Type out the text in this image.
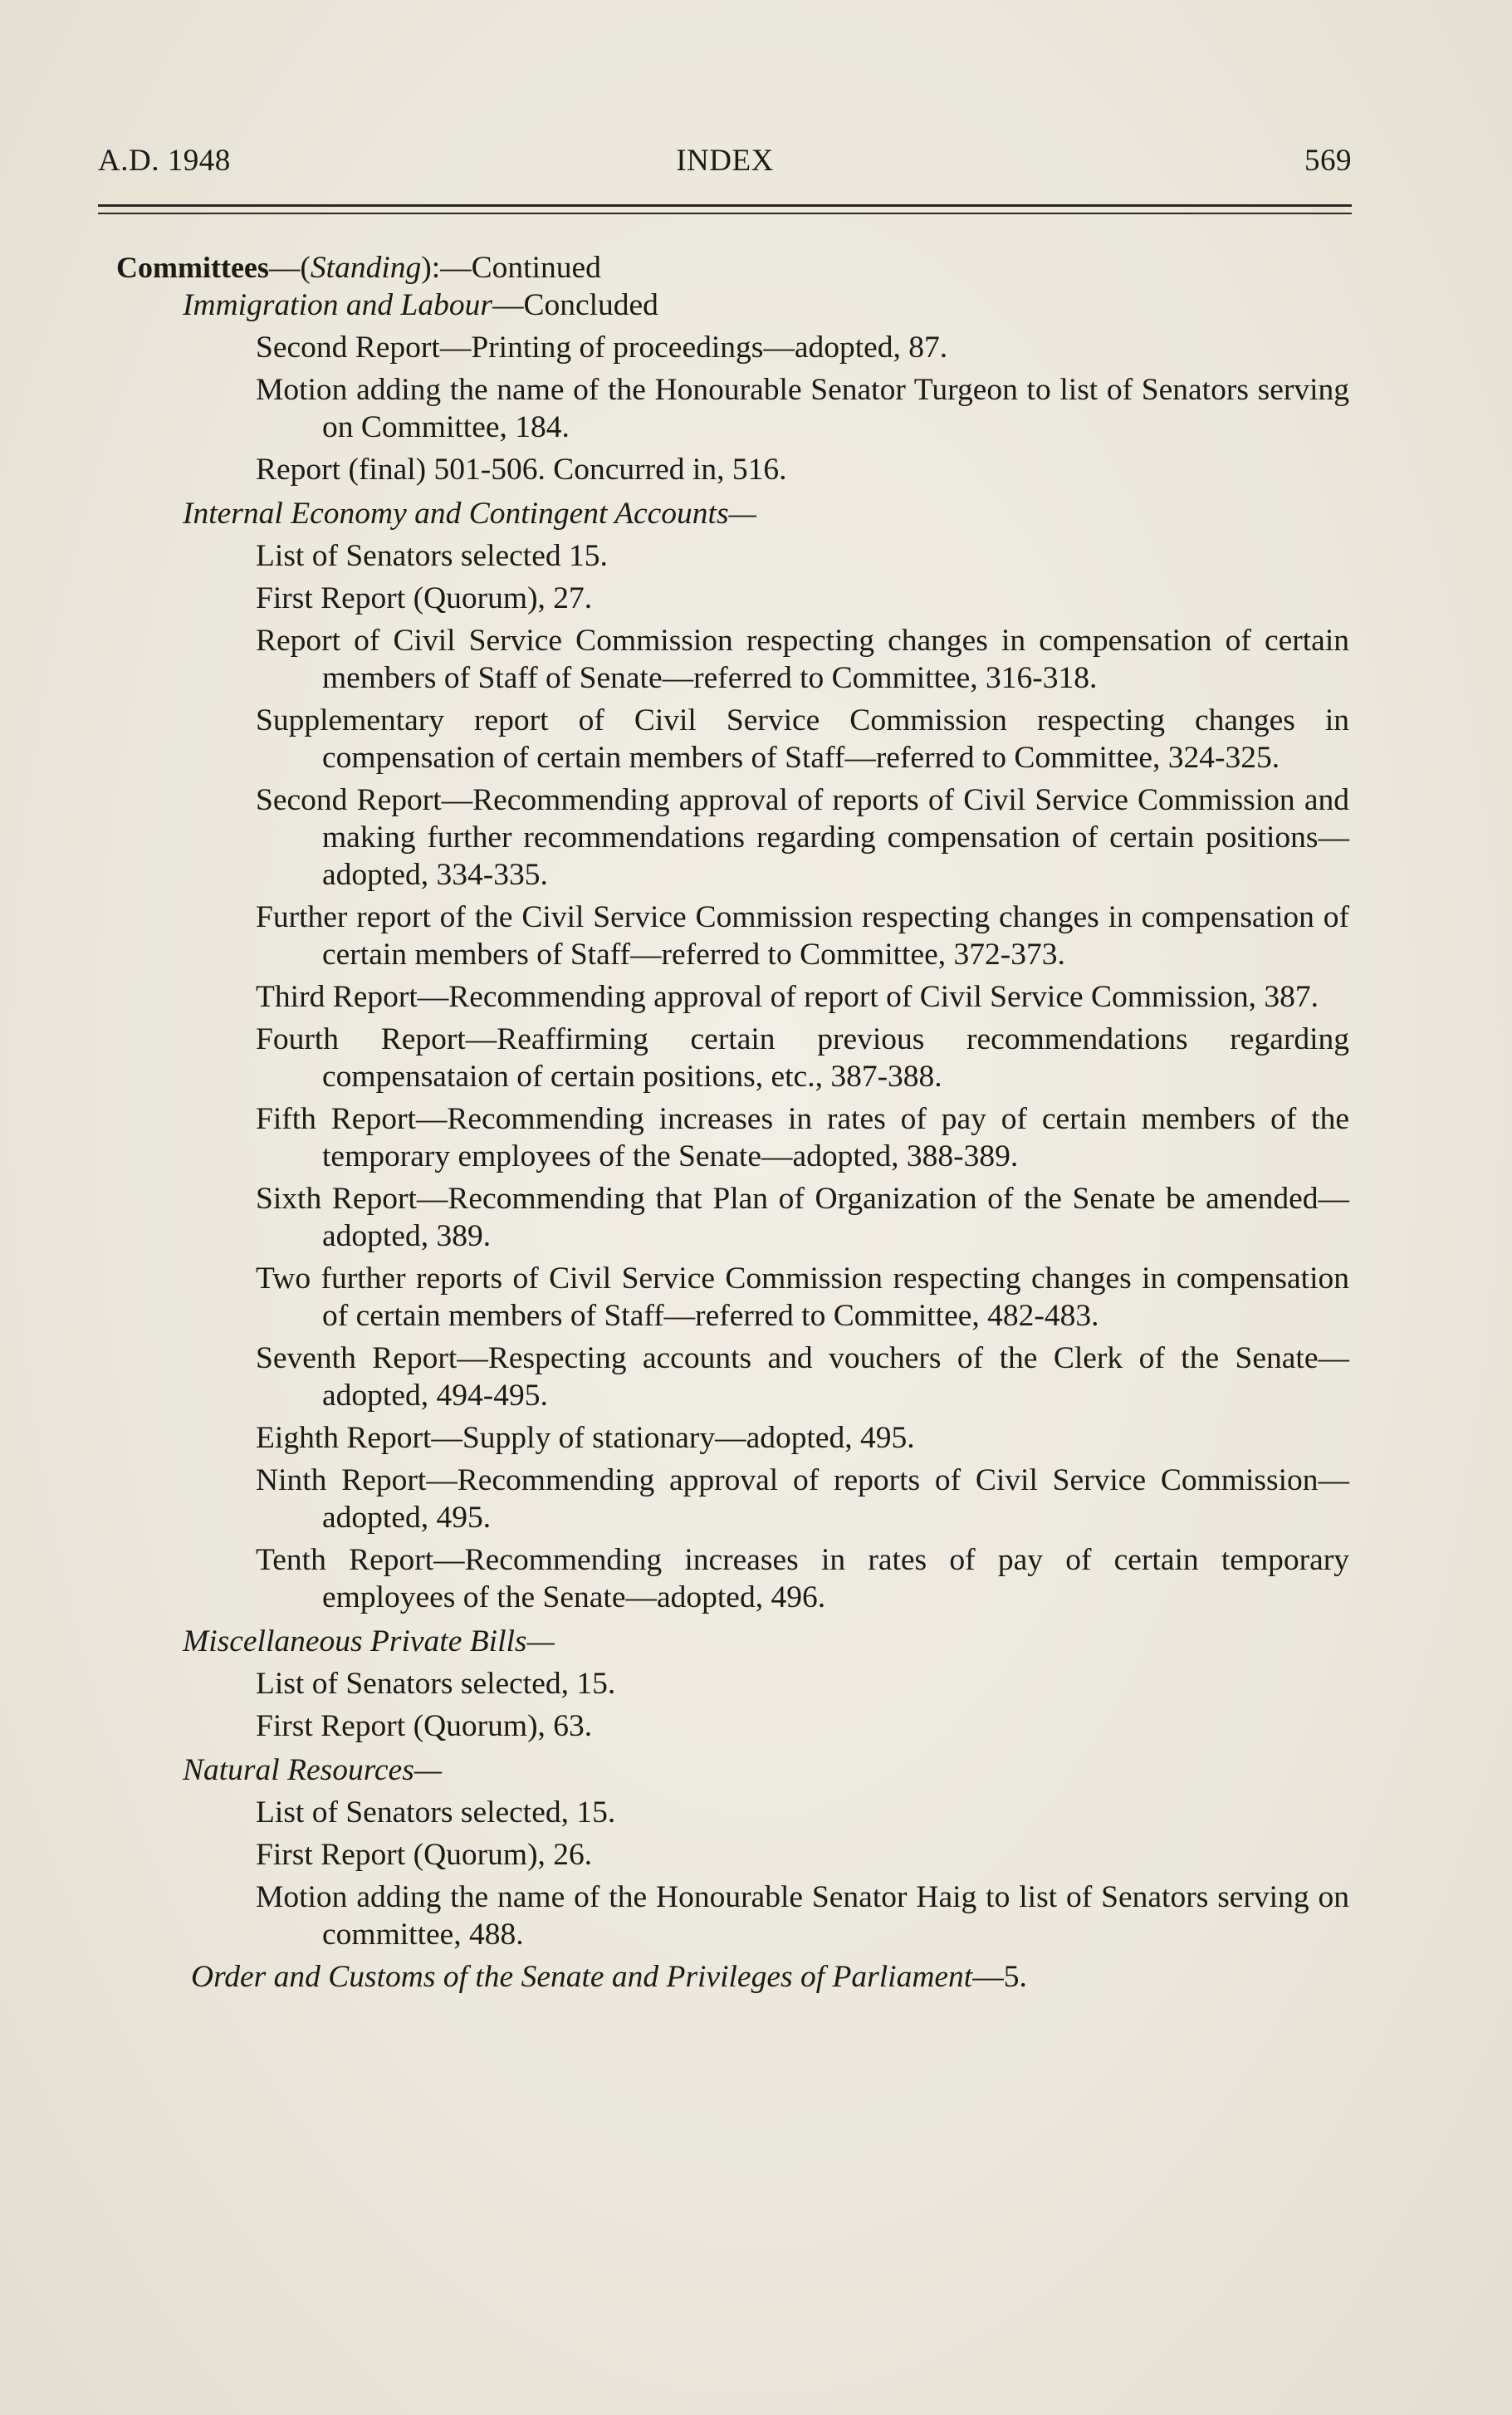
A.D. 1948	INDEX	569
Committees—(Standing):—Continued
Immigration and Labour—Concluded
Second Report—Printing of proceedings—adopted, 87.
Motion adding the name of the Honourable Senator Turgeon to list of Senators serving on Committee, 184.
Report (final) 501-506. Concurred in, 516.
Internal Economy and Contingent Accounts—
List of Senators selected 15.
First Report (Quorum), 27.
Report of Civil Service Commission respecting changes in compensation of certain members of Staff of Senate—referred to Committee, 316-318.
Supplementary report of Civil Service Commission respecting changes in compensation of certain members of Staff—referred to Committee, 324-325.
Second Report—Recommending approval of reports of Civil Service Commission and making further recommendations regarding compensation of certain positions—adopted, 334-335.
Further report of the Civil Service Commission respecting changes in compensation of certain members of Staff—referred to Committee, 372-373.
Third Report—Recommending approval of report of Civil Service Commission, 387.
Fourth Report—Reaffirming certain previous recommendations regarding compensataion of certain positions, etc., 387-388.
Fifth Report—Recommending increases in rates of pay of certain members of the temporary employees of the Senate—adopted, 388-389.
Sixth Report—Recommending that Plan of Organization of the Senate be amended—adopted, 389.
Two further reports of Civil Service Commission respecting changes in compensation of certain members of Staff—referred to Committee, 482-483.
Seventh Report—Respecting accounts and vouchers of the Clerk of the Senate—adopted, 494-495.
Eighth Report—Supply of stationary—adopted, 495.
Ninth Report—Recommending approval of reports of Civil Service Commission—adopted, 495.
Tenth Report—Recommending increases in rates of pay of certain temporary employees of the Senate—adopted, 496.
Miscellaneous Private Bills—
List of Senators selected, 15.
First Report (Quorum), 63.
Natural Resources—
List of Senators selected, 15.
First Report (Quorum), 26.
Motion adding the name of the Honourable Senator Haig to list of Senators serving on committee, 488.
Order and Customs of the Senate and Privileges of Parliament—5.
